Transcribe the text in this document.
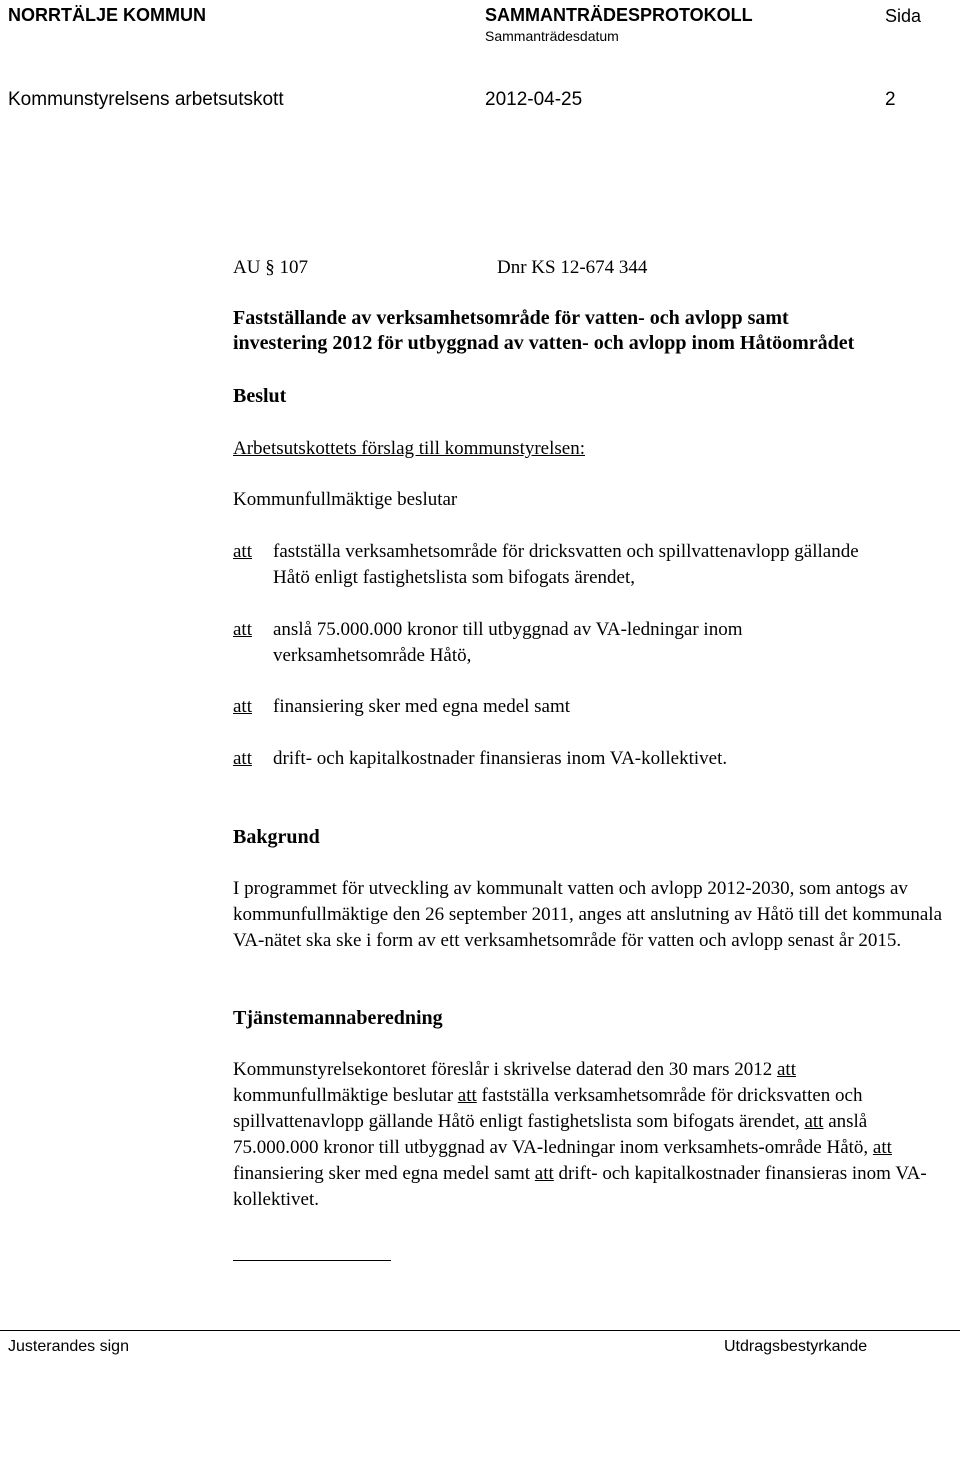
NORRTÄLJE KOMMUN	SAMMANTRÄDESPROTOKOLL
Sammanträdesdatum
Sida
Kommunstyrelsens arbetsutskott	2012-04-25	2
AU § 107	Dnr KS 12-674 344
Fastställande av verksamhetsområde för vatten- och avlopp samt
investering 2012 för utbyggnad av vatten- och avlopp inom Håtöområdet
Beslut
Arbetsutskottets förslag till kommunstyrelsen:
Kommunfullmäktige beslutar
att fastställa verksamhetsområde för dricksvatten och spillvattenavlopp gällande Håtö enligt fastighetslista som bifogats ärendet,
att anslå 75.000.000 kronor till utbyggnad av VA-ledningar inom verksamhetsområde Håtö,
att finansiering sker med egna medel samt
att drift- och kapitalkostnader finansieras inom VA-kollektivet.
Bakgrund
I programmet för utveckling av kommunalt vatten och avlopp 2012-2030, som antogs av kommunfullmäktige den 26 september 2011, anges att anslutning av Håtö till det kommunala VA-nätet ska ske i form av ett verksamhetsområde för vatten och avlopp senast år 2015.
Tjänstemannaberedning
Kommunstyrelsekontoret föreslår i skrivelse daterad den 30 mars 2012 att kommunfullmäktige beslutar att fastställa verksamhetsområde för dricksvatten och spillvattenavlopp gällande Håtö enligt fastighetslista som bifogats ärendet, att anslå 75.000.000 kronor till utbyggnad av VA-ledningar inom verksamhets-område Håtö, att finansiering sker med egna medel samt att drift- och kapitalkostnader finansieras inom VA-kollektivet.
Justerandes sign	Utdragsbestyrkande
